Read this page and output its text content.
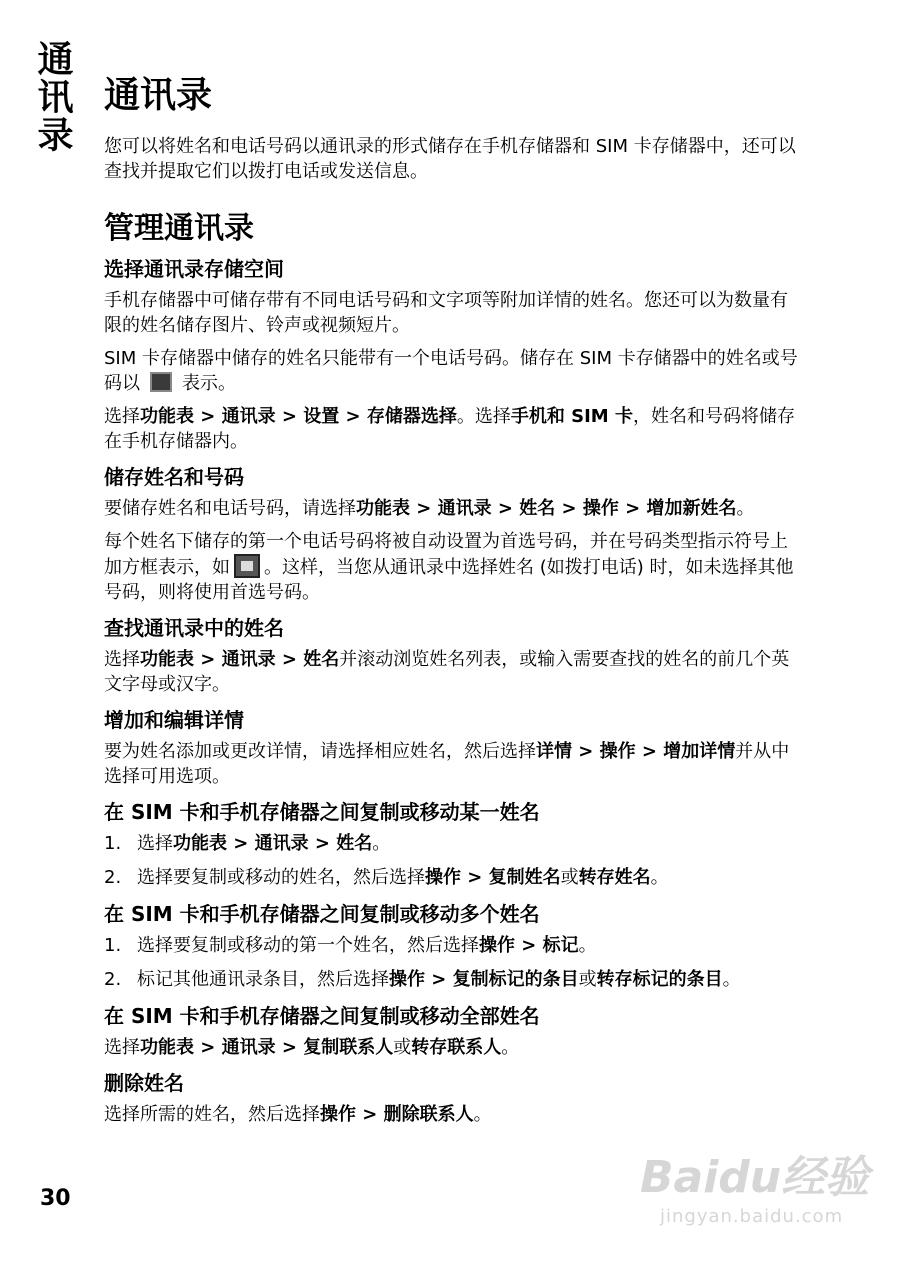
通讯录
30
通讯录

您可以将姓名和电话号码以通讯录的形式储存在手机存储器和 SIM 卡存储器中，还可以查找并提取它们以拨打电话或发送信息。

管理通讯录
选择通讯录存储空间

手机存储器中可储存带有不同电话号码和文字项等附加详情的姓名。您还可以为数量有限的姓名储存图片、铃声或视频短片。

SIM 卡存储器中储存的姓名只能带有一个电话号码。储存在 SIM 卡存储器中的姓名或号码以 表示。

选择功能表 > 通讯录 > 设置 > 存储器选择。选择手机和 SIM 卡，姓名和号码将储存在手机存储器内。

储存姓名和号码

要储存姓名和电话号码，请选择功能表 > 通讯录 > 姓名 > 操作 > 增加新姓名。

每个姓名下储存的第一个电话号码将被自动设置为首选号码，并在号码类型指示符号上加方框表示，如 。这样，当您从通讯录中选择姓名 (如拨打电话) 时，如未选择其他号码，则将使用首选号码。

查找通讯录中的姓名

选择功能表 > 通讯录 > 姓名并滚动浏览姓名列表，或输入需要查找的姓名的前几个英文字母或汉字。

增加和编辑详情

要为姓名添加或更改详情，请选择相应姓名，然后选择详情 > 操作 > 增加详情并从中选择可用选项。

在 SIM 卡和手机存储器之间复制或移动某一姓名
1. 选择功能表 > 通讯录 > 姓名。
2. 选择要复制或移动的姓名，然后选择操作 > 复制姓名或转存姓名。
在 SIM 卡和手机存储器之间复制或移动多个姓名
1. 选择要复制或移动的第一个姓名，然后选择操作 > 标记。
2. 标记其他通讯录条目，然后选择操作 > 复制标记的条目或转存标记的条目。
在 SIM 卡和手机存储器之间复制或移动全部姓名

选择功能表 > 通讯录 > 复制联系人或转存联系人。

删除姓名

选择所需的姓名，然后选择操作 > 删除联系人。

Baidu经验
jingyan.baidu.com
